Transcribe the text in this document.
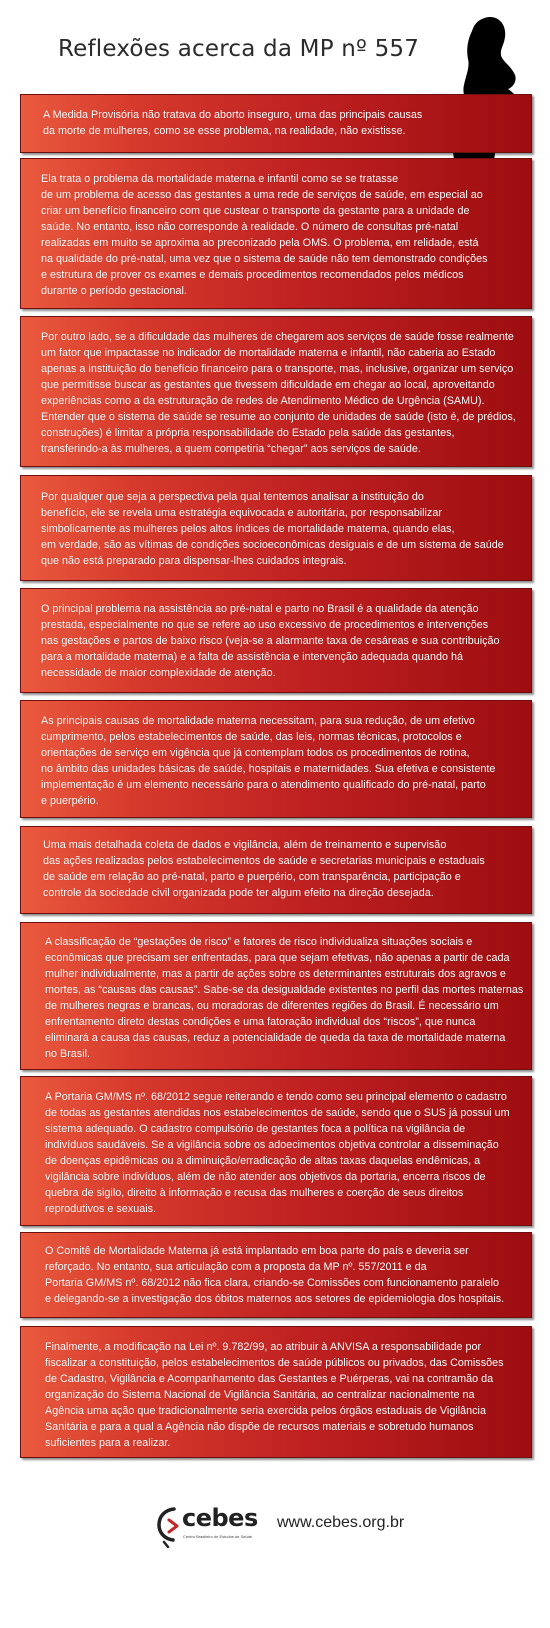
Reflexões acerca da MP nº 557

A Medida Provisória não tratava do aborto inseguro, uma das principais causas

da morte de mulheres, como se esse problema, na realidade, não existisse.

Ela trata o problema da mortalidade materna e infantil como se se tratasse

de um problema de acesso das gestantes a uma rede de serviços de saúde, em especial ao

criar um benefício financeiro com que custear o transporte da gestante para a unidade de

saúde. No entanto, isso não corresponde à realidade. O número de consultas pré-natal

realizadas em muito se aproxima ao preconizado pela OMS. O problema, em relidade, está

na qualidade do pré-natal, uma vez que o sistema de saúde não tem demonstrado condições

e estrutura de prover os exames e demais procedimentos recomendados pelos médicos

durante o período gestacional.

Por outro lado, se a dificuldade das mulheres de chegarem aos serviços de saúde fosse realmente

um fator que impactasse no indicador de mortalidade materna e infantil, não caberia ao Estado

apenas a instituição do benefício financeiro para o transporte, mas, inclusive, organizar um serviço

que permitisse buscar as gestantes que tivessem dificuldade em chegar ao local, aproveitando

experiências como a da estruturação de redes de Atendimento Médico de Urgência (SAMU).

Entender que o sistema de saúde se resume ao conjunto de unidades de saúde (isto é, de prédios,

construções) é limitar a própria responsabilidade do Estado pela saúde das gestantes,

transferindo-a às mulheres, a quem competiria “chegar” aos serviços de saúde.

Por qualquer que seja a perspectiva pela qual tentemos analisar a instituição do

benefício, ele se revela uma estratégia equivocada e autoritária, por responsabilizar

simbolicamente as mulheres pelos altos índices de mortalidade materna, quando elas,

em verdade, são as vítimas de condições socioeconômicas desiguais e de um sistema de saúde

que não está preparado para dispensar-lhes cuidados integrais.

O principal problema na assistência ao pré-natal e parto no Brasil é a qualidade da atenção

prestada, especialmente no que se refere ao uso excessivo de procedimentos e intervenções

nas gestações e partos de baixo risco (veja-se a alarmante taxa de cesáreas e sua contribuição

para a mortalidade materna) e a falta de assistência e intervenção adequada quando há

necessidade de maior complexidade de atenção.

As principais causas de mortalidade materna necessitam, para sua redução, de um efetivo

cumprimento, pelos estabelecimentos de saúde, das leis, normas técnicas, protocolos e

orientações de serviço em vigência que já contemplam todos os procedimentos de rotina,

no âmbito das unidades básicas de saúde, hospitais e maternidades. Sua efetiva e consistente

implementação é um elemento necessário para o atendimento qualificado do pré-natal, parto

e puerpério.

Uma mais detalhada coleta de dados e vigilância, além de treinamento e supervisão

das ações realizadas pelos estabelecimentos de saúde e secretarias municipais e estaduais

de saúde em relação ao pré-natal, parto e puerpério, com transparência, participação e

controle da sociedade civil organizada pode ter algum efeito na direção desejada.

A classificação de “gestações de risco” e fatores de risco individualiza situações sociais e

econômicas que precisam ser enfrentadas, para que sejam efetivas, não apenas a partir de cada

mulher individualmente, mas a partir de ações sobre os determinantes estruturais dos agravos e

mortes, as “causas das causas”. Sabe-se da desigualdade existentes no perfil das mortes maternas

de mulheres negras e brancas, ou moradoras de diferentes regiões do Brasil. É necessário um

enfrentamento direto destas condições e uma fatoração individual dos “riscos”, que nunca

eliminará a causa das causas, reduz a potencialidade de queda da taxa de mortalidade materna

no Brasil.

A Portaria GM/MS nº. 68/2012 segue reiterando e tendo como seu principal elemento o cadastro

de todas as gestantes atendidas nos estabelecimentos de saúde, sendo que o SUS já possui um

sistema adequado. O cadastro compulsório de gestantes foca a política na vigilância de

indivíduos saudáveis. Se a vigilância sobre os adoecimentos objetiva controlar a disseminação

de doenças epidêmicas ou a diminuição/erradicação de altas taxas daquelas endêmicas, a

vigilância sobre indivíduos, além de não atender aos objetivos da portaria, encerra riscos de

quebra de sigilo, direito à informação e recusa das mulheres e coerção de seus direitos

reprodutivos e sexuais.

O Comitê de Mortalidade Materna já está implantado em boa parte do país e deveria ser

reforçado. No entanto, sua articulação com a proposta da MP nº. 557/2011 e da

Portaria GM/MS nº. 68/2012 não fica clara, criando-se Comissões com funcionamento paralelo

e delegando-se a investigação dos óbitos maternos aos setores de epidemiologia dos hospitais.

Finalmente, a modificação na Lei nº. 9.782/99, ao atribuir à ANVISA a responsabilidade por

fiscalizar a constituição, pelos estabelecimentos de saúde públicos ou privados, das Comissões

de Cadastro, Vigilância e Acompanhamento das Gestantes e Puérperas, vai na contramão da

organização do Sistema Nacional de Vigilância Sanitária, ao centralizar nacionalmente na

Agência uma ação que tradicionalmente seria exercida pelos órgãos estaduais de Vigilância

Sanitária e para a qual a Agência não dispõe de recursos materiais e sobretudo humanos

suficientes para a realizar.

cebes
Centro Brasileiro de Estudos de Saúde
www.cebes.org.br
